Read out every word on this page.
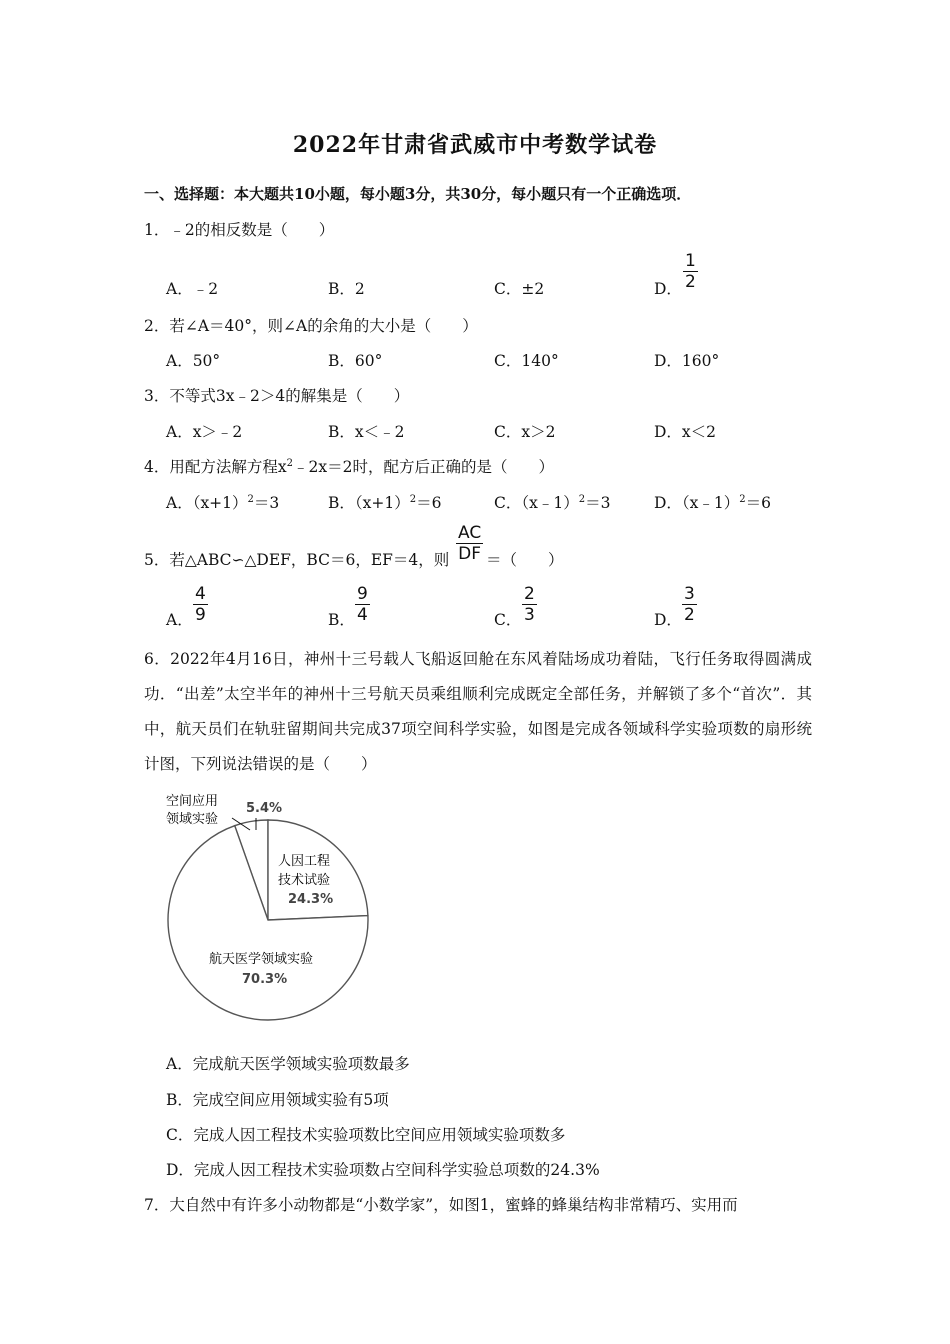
2022年甘肃省武威市中考数学试卷
一、选择题：本大题共10小题，每小题3分，共30分，每小题只有一个正确选项．
1．﹣2的相反数是（　　）
A．﹣2	B．2	C．±2	D．
1
2
2．若∠A＝40°，则∠A的余角的大小是（　　）
A．50°	B．60°	C．140°	D．160°
3．不等式3x﹣2＞4的解集是（　　）
A．x＞﹣2	B．x＜﹣2	C．x＞2	D．x＜2
4．用配方法解方程$x^2﹣2x=2$时，配方后正确的是（　　）
A．$(x+1)^2=3$	B．$(x+1)^2=6$	C．（x﹣1）$^2$＝3	D．（x﹣1）$^2$＝6
5．若△ABC∽△DEF，BC＝6，EF＝4，则
AC
DF ＝（　　）
A．
4
9	B．
9
4	C．
2
3	D．
3
2
6．2022年4月16日，神州十三号载人飞船返回舱在东风着陆场成功着陆，飞行任务取得圆满成功．“出差”太空半年的神州十三号航天员乘组顺利完成既定全部任务，并解锁了多个“首次”．其中，航天员们在轨驻留期间共完成37项空间科学实验，如图是完成各领域科学实验项数的扇形统计图，下列说法错误的是（　　）
空间应用
领域实验
5.4%
人因工程
技术试验
24.3%
航天医学领域实验
70.3%
A．完成航天医学领域实验项数最多
B．完成空间应用领域实验有5项
C．完成人因工程技术实验项数比空间应用领域实验项数多
D．完成人因工程技术实验项数占空间科学实验总项数的24.3%
7．大自然中有许多小动物都是“小数学家”，如图1，蜜蜂的蜂巢结构非常精巧、实用而
